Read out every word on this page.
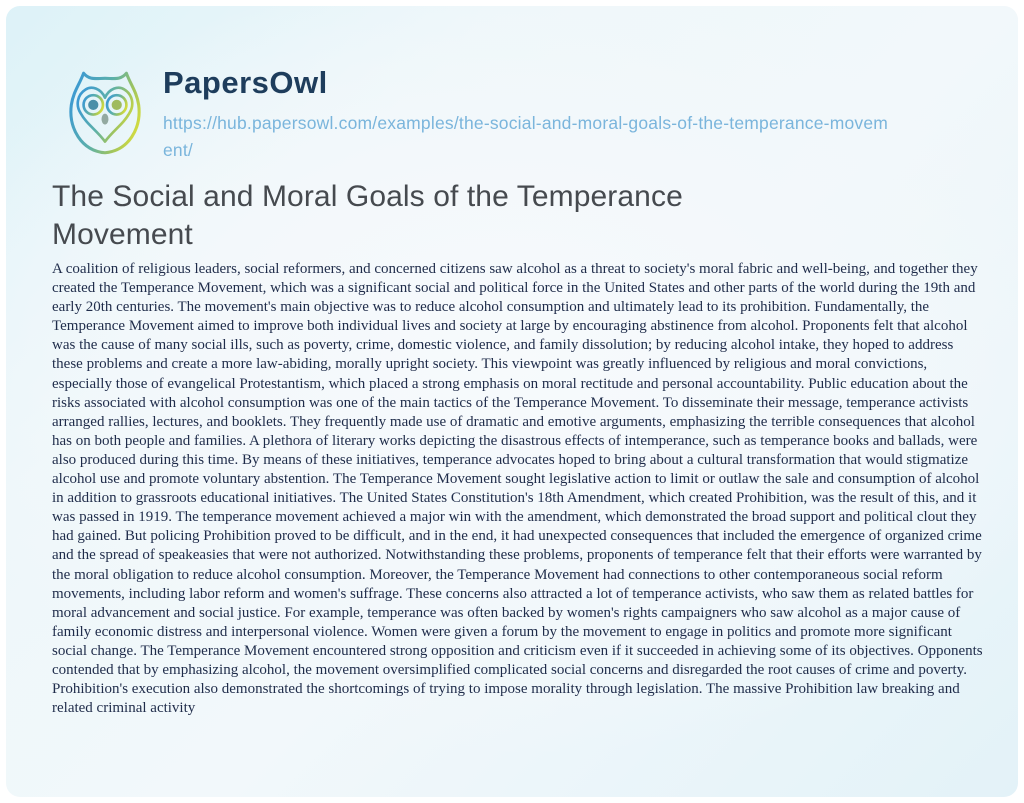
PapersOwl
https://hub.papersowl.com/examples/the-social-and-moral-goals-of-the-temperance-movement/
The Social and Moral Goals of the Temperance Movement

A coalition of religious leaders, social reformers, and concerned citizens saw alcohol as a threat to society's moral fabric and well-being, and together they created the Temperance Movement, which was a significant social and political force in the United States and other parts of the world during the 19th and early 20th centuries. The movement's main objective was to reduce alcohol consumption and ultimately lead to its prohibition. Fundamentally, the Temperance Movement aimed to improve both individual lives and society at large by encouraging abstinence from alcohol. Proponents felt that alcohol was the cause of many social ills, such as poverty, crime, domestic violence, and family dissolution; by reducing alcohol intake, they hoped to address these problems and create a more law-abiding, morally upright society. This viewpoint was greatly influenced by religious and moral convictions, especially those of evangelical Protestantism, which placed a strong emphasis on moral rectitude and personal accountability. Public education about the risks associated with alcohol consumption was one of the main tactics of the Temperance Movement. To disseminate their message, temperance activists arranged rallies, lectures, and booklets. They frequently made use of dramatic and emotive arguments, emphasizing the terrible consequences that alcohol has on both people and families. A plethora of literary works depicting the disastrous effects of intemperance, such as temperance books and ballads, were also produced during this time. By means of these initiatives, temperance advocates hoped to bring about a cultural transformation that would stigmatize alcohol use and promote voluntary abstention. The Temperance Movement sought legislative action to limit or outlaw the sale and consumption of alcohol in addition to grassroots educational initiatives. The United States Constitution's 18th Amendment, which created Prohibition, was the result of this, and it was passed in 1919. The temperance movement achieved a major win with the amendment, which demonstrated the broad support and political clout they had gained. But policing Prohibition proved to be difficult, and in the end, it had unexpected consequences that included the emergence of organized crime and the spread of speakeasies that were not authorized. Notwithstanding these problems, proponents of temperance felt that their efforts were warranted by the moral obligation to reduce alcohol consumption. Moreover, the Temperance Movement had connections to other contemporaneous social reform movements, including labor reform and women's suffrage. These concerns also attracted a lot of temperance activists, who saw them as related battles for moral advancement and social justice. For example, temperance was often backed by women's rights campaigners who saw alcohol as a major cause of family economic distress and interpersonal violence. Women were given a forum by the movement to engage in politics and promote more significant social change. The Temperance Movement encountered strong opposition and criticism even if it succeeded in achieving some of its objectives. Opponents contended that by emphasizing alcohol, the movement oversimplified complicated social concerns and disregarded the root causes of crime and poverty. Prohibition's execution also demonstrated the shortcomings of trying to impose morality through legislation. The massive Prohibition law breaking and related criminal activity
